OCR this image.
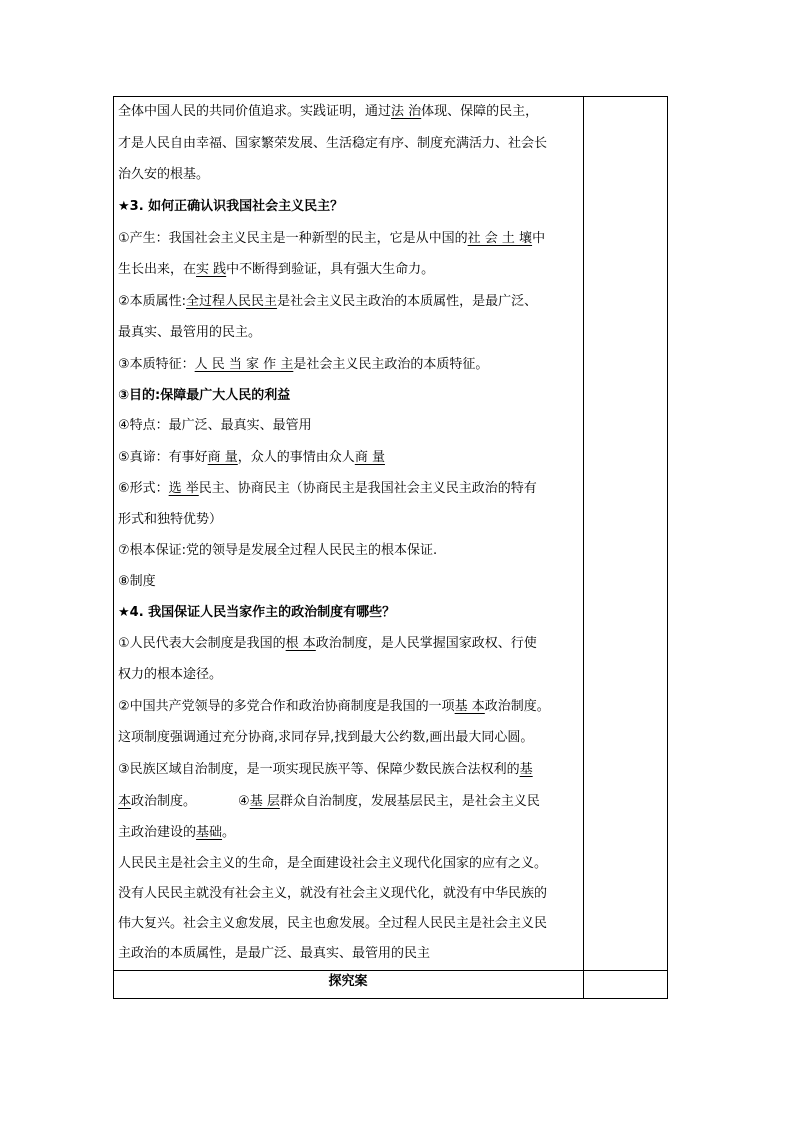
全体中国人民的共同价值追求。实践证明，通过法 治体现、保障的民主，
才是人民自由幸福、国家繁荣发展、生活稳定有序、制度充满活力、社会长
治久安的根基。
★3. 如何正确认识我国社会主义民主？
①产生：我国社会主义民主是一种新型的民主，它是从中国的社 会 土 壤中
生长出来，在实 践中不断得到验证，具有强大生命力。
②本质属性:全过程人民民主是社会主义民主政治的本质属性，是最广泛、
最真实、最管用的民主。
③本质特征：人 民 当 家 作 主是社会主义民主政治的本质特征。
③目的:保障最广大人民的利益
④特点：最广泛、最真实、最管用
⑤真谛：有事好商 量，众人的事情由众人商 量
⑥形式：选 举民主、协商民主（协商民主是我国社会主义民主政治的特有
形式和独特优势）
⑦根本保证:党的领导是发展全过程人民民主的根本保证.
⑧制度
★4. 我国保证人民当家作主的政治制度有哪些？
①人民代表大会制度是我国的根 本政治制度，是人民掌握国家政权、行使
权力的根本途径。
②中国共产党领导的多党合作和政治协商制度是我国的一项基 本政治制度。
这项制度强调通过充分协商,求同存异,找到最大公约数,画出最大同心圆。
③民族区域自治制度，是一项实现民族平等、保障少数民族合法权利的基
本政治制度。	④基 层群众自治制度，发展基层民主，是社会主义民
主政治建设的基础。
人民民主是社会主义的生命，是全面建设社会主义现代化国家的应有之义。
没有人民民主就没有社会主义，就没有社会主义现代化，就没有中华民族的
伟大复兴。社会主义愈发展，民主也愈发展。全过程人民民主是社会主义民
主政治的本质属性，是最广泛、最真实、最管用的民主
探究案
